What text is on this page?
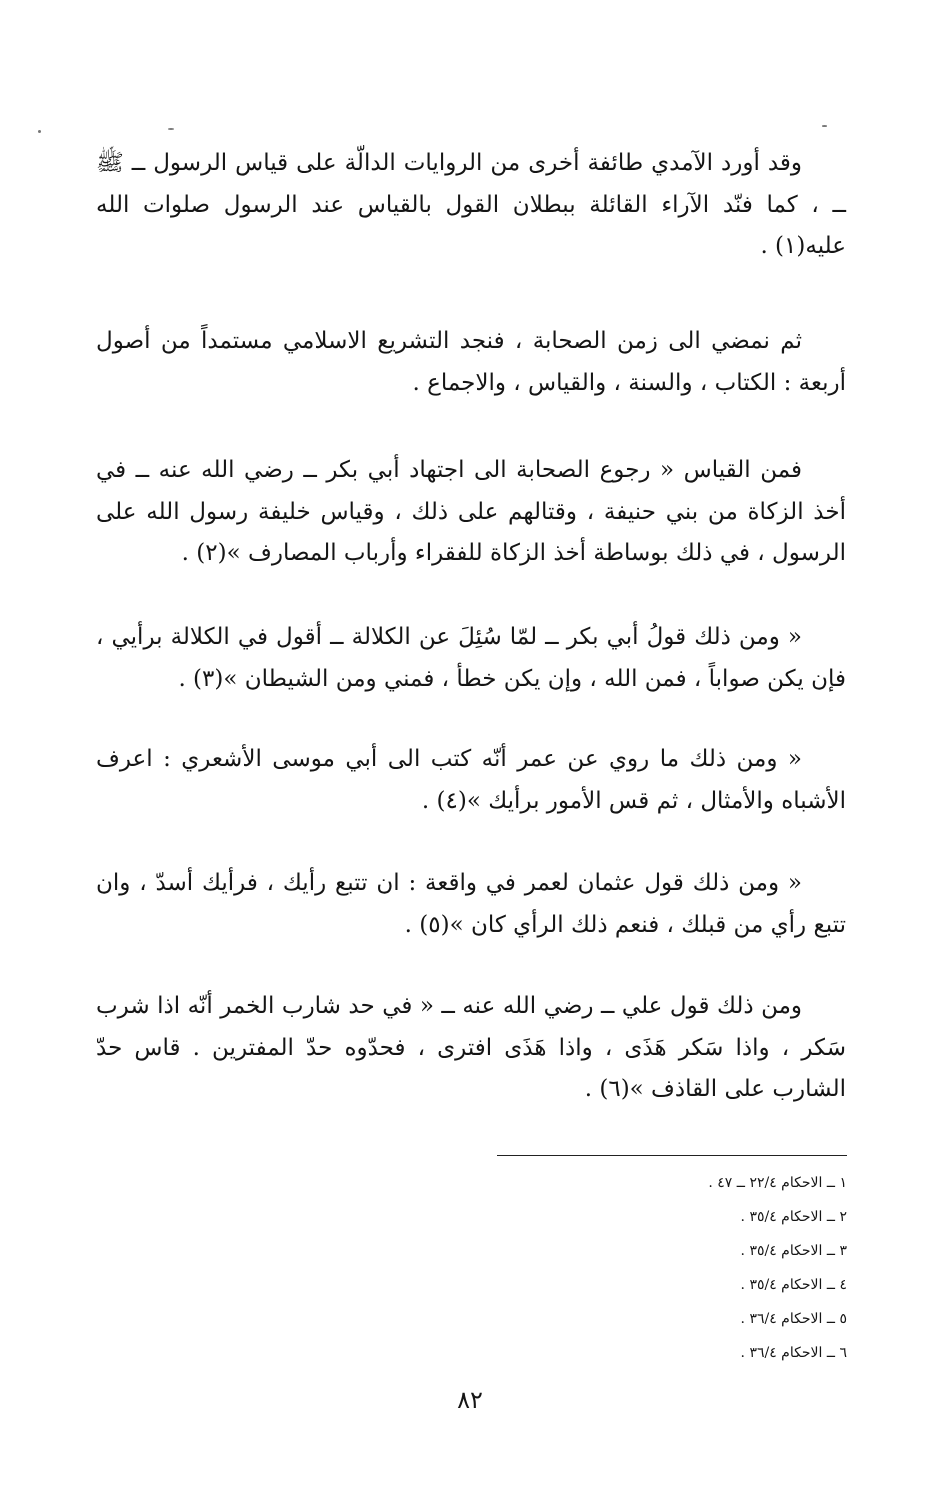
وقد أورد الآمدي طائفة أخرى من الروايات الدالّة على قياس الرسول ــ ﷺ ــ ، كما فنّد الآراء القائلة ببطلان القول بالقياس عند الرسول صلوات الله عليه(١) .

ثم نمضي الى زمن الصحابة ، فنجد التشريع الاسلامي مستمداً من أصول أربعة : الكتاب ، والسنة ، والقياس ، والاجماع .

فمن القياس « رجوع الصحابة الى اجتهاد أبي بكر ــ رضي الله عنه ــ في أخذ الزكاة من بني حنيفة ، وقتالهم على ذلك ، وقياس خليفة رسول الله على الرسول ، في ذلك بوساطة أخذ الزكاة للفقراء وأرباب المصارف »(٢) .

« ومن ذلك قولُ أبي بكر ــ لمّا سُئِلَ عن الكلالة ــ أقول في الكلالة برأيي ، فإن يكن صواباً ، فمن الله ، وإن يكن خطأ ، فمني ومن الشيطان »(٣) .

« ومن ذلك ما روي عن عمر أنّه كتب الى أبي موسى الأشعري : اعرف الأشباه والأمثال ، ثم قس الأمور برأيك »(٤) .

« ومن ذلك قول عثمان لعمر في واقعة : ان تتبع رأيك ، فرأيك أسدّ ، وان تتبع رأي من قبلك ، فنعم ذلك الرأي كان »(٥) .

ومن ذلك قول علي ــ رضي الله عنه ــ « في حد شارب الخمر أنّه اذا شرب سَكر ، واذا سَكر هَذَى ، واذا هَذَى افترى ، فحدّوه حدّ المفترين . قاس حدّ الشارب على القاذف »(٦) .

١ ــ الاحكام ٢٢/٤ ــ ٤٧ .
٢ ــ الاحكام ٣٥/٤ .
٣ ــ الاحكام ٣٥/٤ .
٤ ــ الاحكام ٣٥/٤ .
٥ ــ الاحكام ٣٦/٤ .
٦ ــ الاحكام ٣٦/٤ .
٨٢
